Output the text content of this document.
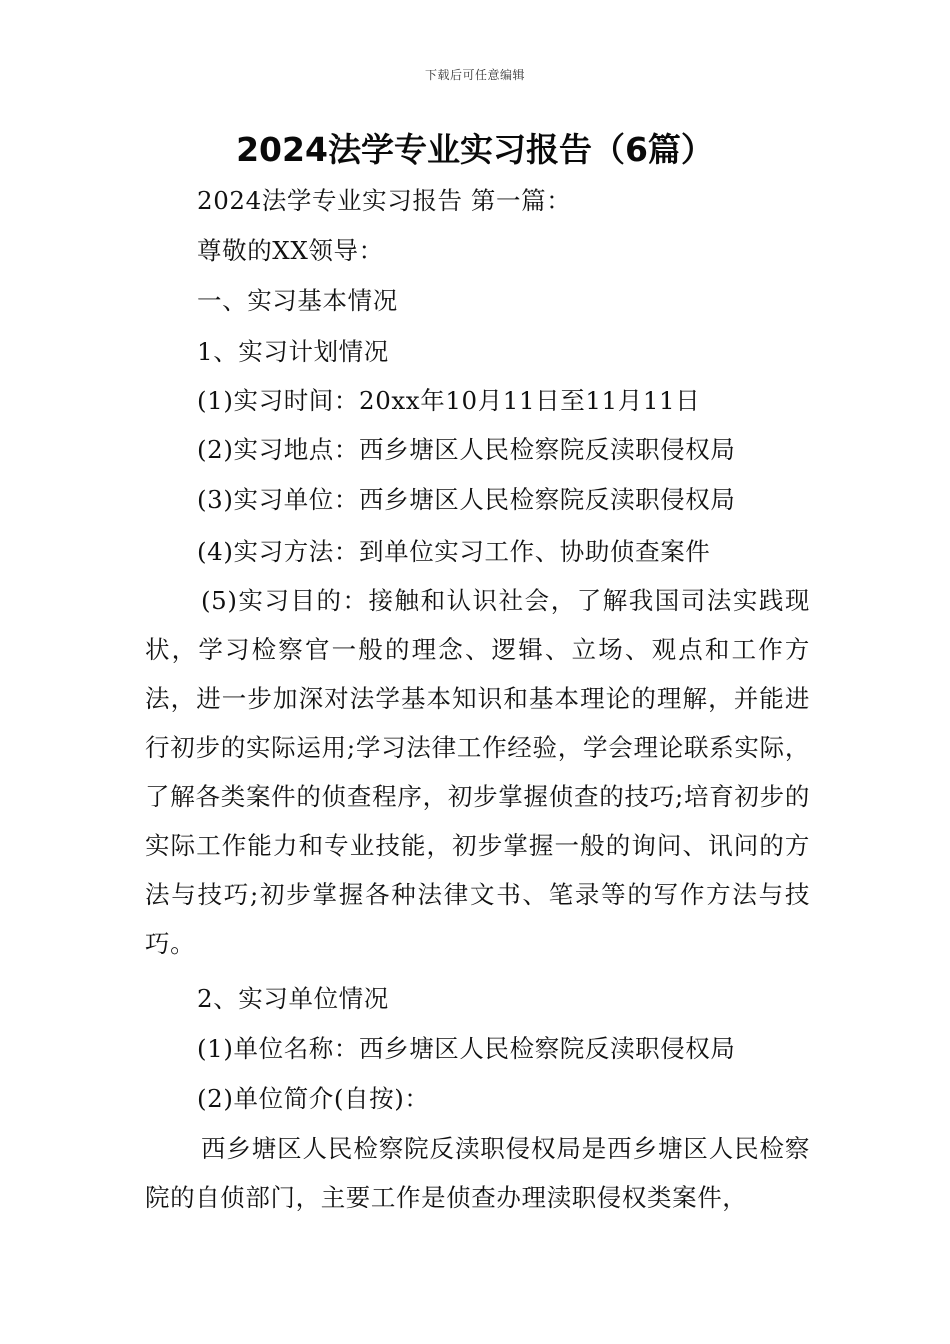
下载后可任意编辑
2024法学专业实习报告（6篇）

2024法学专业实习报告 第一篇：

尊敬的XX领导：

一、实习基本情况

1、实习计划情况

(1)实习时间：20xx年10月11日至11月11日

(2)实习地点：西乡塘区人民检察院反渎职侵权局

(3)实习单位：西乡塘区人民检察院反渎职侵权局

(4)实习方法：到单位实习工作、协助侦查案件

(5)实习目的：接触和认识社会，了解我国司法实践现状，学习检察官一般的理念、逻辑、立场、观点和工作方法，进一步加深对法学基本知识和基本理论的理解，并能进行初步的实际运用;学习法律工作经验，学会理论联系实际，了解各类案件的侦查程序，初步掌握侦查的技巧;培育初步的实际工作能力和专业技能，初步掌握一般的询问、讯问的方法与技巧;初步掌握各种法律文书、笔录等的写作方法与技巧。

2、实习单位情况

(1)单位名称：西乡塘区人民检察院反渎职侵权局

(2)单位简介(自按)：

西乡塘区人民检察院反渎职侵权局是西乡塘区人民检察院的自侦部门，主要工作是侦查办理渎职侵权类案件，
